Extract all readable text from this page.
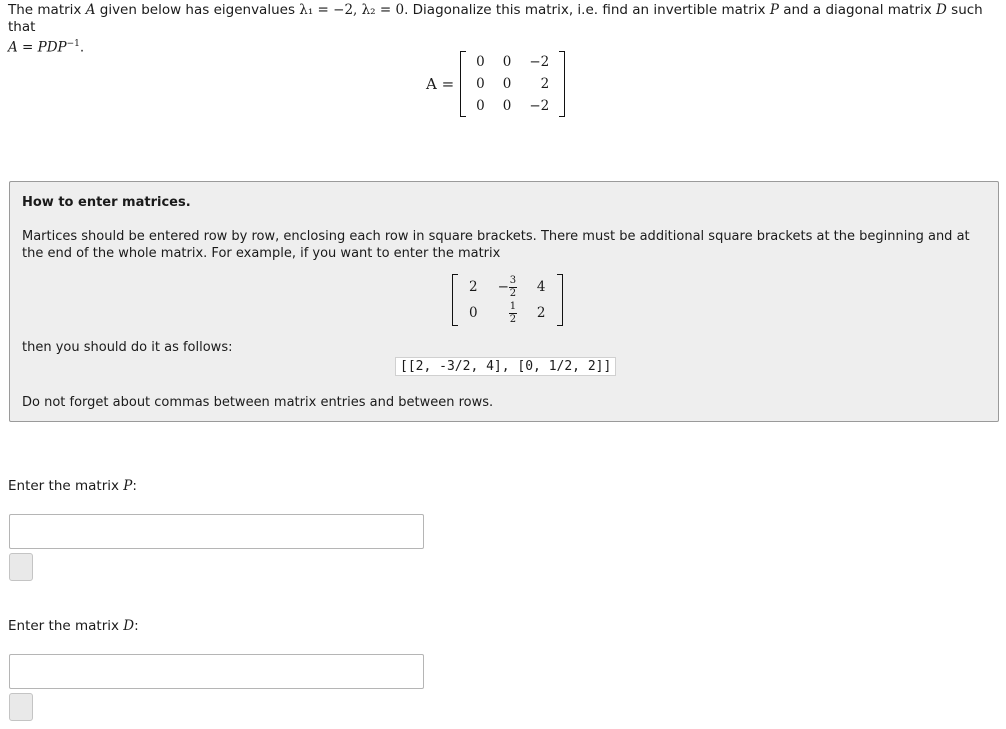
The matrix A given below has eigenvalues λ₁ = −2, λ₂ = 0. Diagonalize this matrix, i.e. find an invertible matrix P and a diagonal matrix D such that
$A = PDP^{-1}$.
A =
0	0	−2
0	0	2
0	0	−2
How to enter matrices.
Martices should be entered row by row, enclosing each row in square brackets. There must be additional square brackets at the beginning and at the end of the whole matrix. For example, if you want to enter the matrix
2	− $\frac{3}{2}$	4
0	$\frac{1}{2}$	2
then you should do it as follows:
[[2, -3/2, 4], [0, 1/2, 2]]
Do not forget about commas between matrix entries and between rows.
Enter the matrix P:
Enter the matrix D:
